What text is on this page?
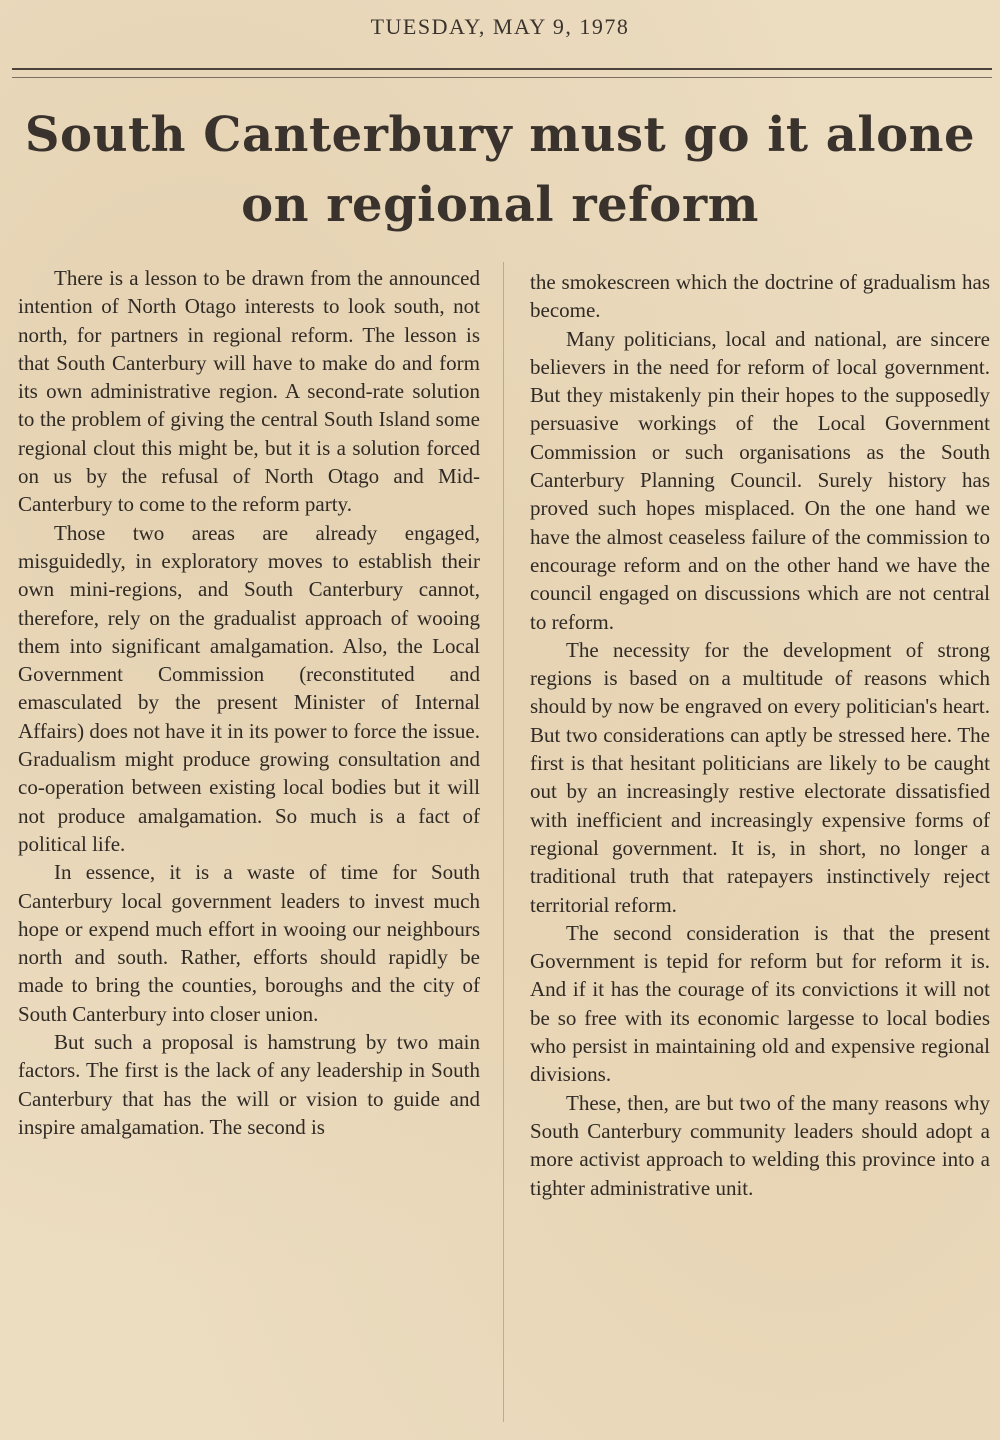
TUESDAY, MAY 9, 1978
South Canterbury must go it alone
on regional reform

There is a lesson to be drawn from the announced intention of North Otago interests to look south, not north, for partners in regional reform. The lesson is that South Canterbury will have to make do and form its own administrative region. A second-rate solution to the problem of giving the central South Island some regional clout this might be, but it is a solution forced on us by the refusal of North Otago and Mid-Canterbury to come to the reform party.

Those two areas are already engaged, misguidedly, in exploratory moves to establish their own mini-regions, and South Canterbury cannot, therefore, rely on the gradualist approach of wooing them into significant amalgamation. Also, the Local Government Commission (reconstituted and emasculated by the present Minister of Internal Affairs) does not have it in its power to force the issue. Gradualism might produce growing consultation and co-operation between existing local bodies but it will not produce amalgamation. So much is a fact of political life.

In essence, it is a waste of time for South Canterbury local government leaders to invest much hope or expend much effort in wooing our neighbours north and south. Rather, efforts should rapidly be made to bring the counties, boroughs and the city of South Canterbury into closer union.

But such a proposal is hamstrung by two main factors. The first is the lack of any leadership in South Canterbury that has the will or vision to guide and inspire amalgamation. The second is

the smokescreen which the doctrine of gradualism has become.

Many politicians, local and national, are sincere believers in the need for reform of local government. But they mistakenly pin their hopes to the supposedly persuasive workings of the Local Government Commission or such organisations as the South Canterbury Planning Council. Surely history has proved such hopes misplaced. On the one hand we have the almost ceaseless failure of the commission to encourage reform and on the other hand we have the council engaged on discussions which are not central to reform.

The necessity for the development of strong regions is based on a multitude of reasons which should by now be engraved on every politician's heart. But two considerations can aptly be stressed here. The first is that hesitant politicians are likely to be caught out by an increasingly restive electorate dissatisfied with inefficient and increasingly expensive forms of regional government. It is, in short, no longer a traditional truth that ratepayers instinctively reject territorial reform.

The second consideration is that the present Government is tepid for reform but for reform it is. And if it has the courage of its convictions it will not be so free with its economic largesse to local bodies who persist in maintaining old and expensive regional divisions.

These, then, are but two of the many reasons why South Canterbury community leaders should adopt a more activist approach to welding this province into a tighter administrative unit.
